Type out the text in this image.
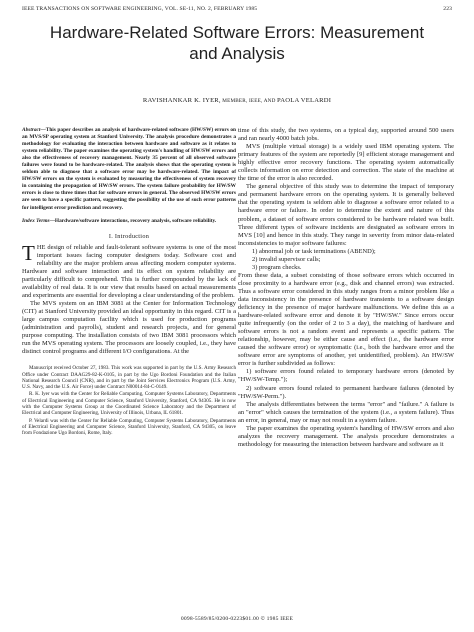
IEEE TRANSACTIONS ON SOFTWARE ENGINEERING, VOL. SE-11, NO. 2, FEBRUARY 1985	223
Hardware-Related Software Errors: Measurement
and Analysis
RAVISHANKAR K. IYER, MEMBER, IEEE, AND PAOLA VELARDI
Abstract—This paper describes an analysis of hardware-related software (HW/SW) errors on an MVS/SP operating system at Stanford University. The analysis procedure demonstrates a methodology for evaluating the interaction between hardware and software as it relates to system reliability. The paper examines the operating system's handling of HW/SW errors and also the effectiveness of recovery management. Nearly 35 percent of all observed software failures were found to be hardware-related. The analysis shows that the operating system is seldom able to diagnose that a software error may be hardware-related. The impact of HW/SW errors on the system is evaluated by measuring the effectiveness of system recovery in containing the propagation of HW/SW errors. The system failure probability for HW/SW errors is close to three times that for software errors in general. The observed HW/SW errors are seen to have a specific pattern, suggesting the possibility of the use of such error patterns for intelligent error prediction and recovery.
Index Terms—Hardware/software interactions, recovery analysis, software reliability.
I. Introduction

THE design of reliable and fault-tolerant software systems is one of the most important issues facing computer designers today. Software cost and reliability are the major problem areas affecting modern computer systems. Hardware and software interaction and its effect on system reliability are particularly difficult to comprehend. This is further compounded by the lack of availability of real data. It is our view that results based on actual measurements and experiments are essential for developing a clear understanding of the problem.

The MVS system on an IBM 3081 at the Center for Information Technology (CIT) at Stanford University provided an ideal opportunity in this regard. CIT is a large campus computation facility which is used for production programs (administration and payrolls), student and research projects, and for general purpose computing. The installation consists of two IBM 3081 processors which run the MVS operating system. The processors are loosely coupled, i.e., they have distinct control programs and different I/O configurations. At the

Manuscript received October 27, 1983. This work was supported in part by the U.S. Army Research Office under Contract DAAG29-82-K-0105, in part by the Ugo Bordoni Foundation and the Italian National Research Council (CNR), and in part by the Joint Services Electronics Program (U.S. Army, U.S. Navy, and the U.S. Air Force) under Contract N00014-84-C-0149.

R. K. Iyer was with the Center for Reliable Computing, Computer Systems Laboratory, Departments of Electrical Engineering and Computer Science, Stanford University, Stanford, CA 94305. He is now with the Computer Systems Group at the Coordinated Science Laboratory and the Department of Electrical and Computer Engineering, University of Illinois, Urbana, IL 61801.

P. Velardi was with the Center for Reliable Computing, Computer Systems Laboratory, Departments of Electrical Engineering and Computer Science, Stanford University, Stanford, CA 94305, on leave from Fondazione Ugo Bordoni, Rome, Italy.

time of this study, the two systems, on a typical day, supported around 500 users and ran nearly 4000 batch jobs.

MVS (multiple virtual storage) is a widely used IBM operating system. The primary features of the system are reportedly [9] efficient storage management and highly effective error recovery functions. The operating system automatically collects information on error detection and correction. The state of the machine at the time of the error is also recorded.

The general objective of this study was to determine the impact of temporary and permanent hardware errors on the operating system. It is generally believed that the operating system is seldom able to diagnose a software error related to a hardware error or failure. In order to determine the extent and nature of this problem, a dataset of software errors considered to be hardware related was built. Three different types of software incidents are designated as software errors in MVS [10] and hence in this study. They range in severity from minor data-related inconsistencies to major software failures:

1) abnormal job or task terminations (ABEND);
2) invalid supervisor calls;
3) program checks.

From these data, a subset consisting of those software errors which occurred in close proximity to a hardware error (e.g., disk and channel errors) was extracted. Thus a software error considered in this study ranges from a minor problem like a data inconsistency in the presence of hardware transients to a software design deficiency in the presence of major hardware malfunctions. We define this as a hardware-related software error and denote it by "HW/SW." Since errors occur quite infrequently (on the order of 2 to 3 a day), the matching of hardware and software errors is not a random event and represents a specific pattern. The relationship, however, may be either cause and effect (i.e., the hardware error caused the software error) or symptomatic (i.e., both the hardware error and the software error are symptoms of another, yet unidentified, problem). An HW/SW error is further subdivided as follows:

1) software errors found related to temporary hardware errors (denoted by "HW/SW-Temp.");

2) software errors found related to permanent hardware failures (denoted by "HW/SW-Perm.").

The analysis differentiates between the terms "error" and "failure." A failure is an "error" which causes the termination of the system (i.e., a system failure). Thus an error, in general, may or may not result in a system failure.

The paper examines the operating system's handling of HW/SW errors and also analyzes the recovery management. The analysis procedure demonstrates a methodology for measuring the interaction between hardware and software as it

0098-5589/85/0200-0223$01.00 © 1985 IEEE
